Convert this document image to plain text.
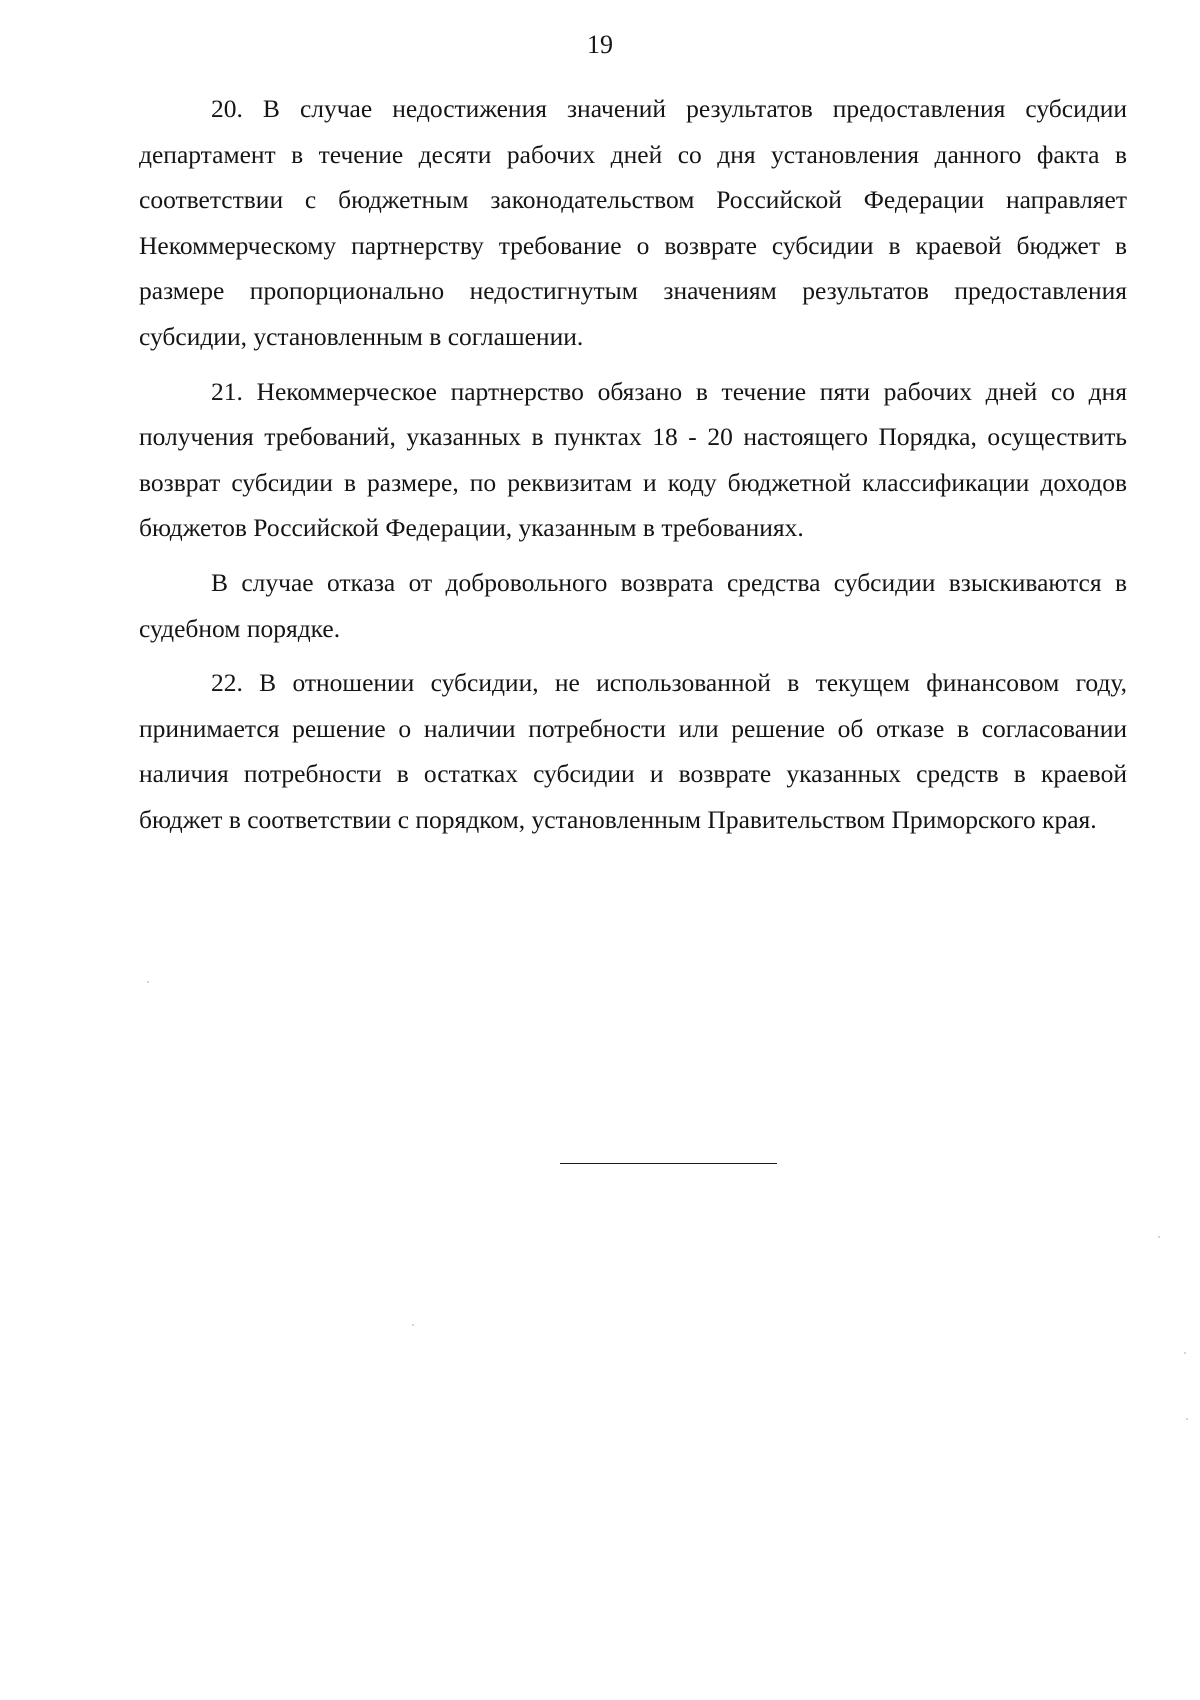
19

20. В случае недостижения значений результатов предоставления субсидии департамент в течение десяти рабочих дней со дня установления данного факта в соответствии с бюджетным законодательством Российской Федерации направляет Некоммерческому партнерству требование о возврате субсидии в краевой бюджет в размере пропорционально недостигнутым значениям результатов предоставления субсидии, установленным в соглашении.

21. Некоммерческое партнерство обязано в течение пяти рабочих дней со дня получения требований, указанных в пунктах 18 - 20 настоящего Порядка, осуществить возврат субсидии в размере, по реквизитам и коду бюджетной классификации доходов бюджетов Российской Федерации, указанным в требованиях.

В случае отказа от добровольного возврата средства субсидии взыскиваются в судебном порядке.

22. В отношении субсидии, не использованной в текущем финансовом году, принимается решение о наличии потребности или решение об отказе в согласовании наличия потребности в остатках субсидии и возврате указанных средств в краевой бюджет в соответствии с порядком, установленным Правительством Приморского края.
